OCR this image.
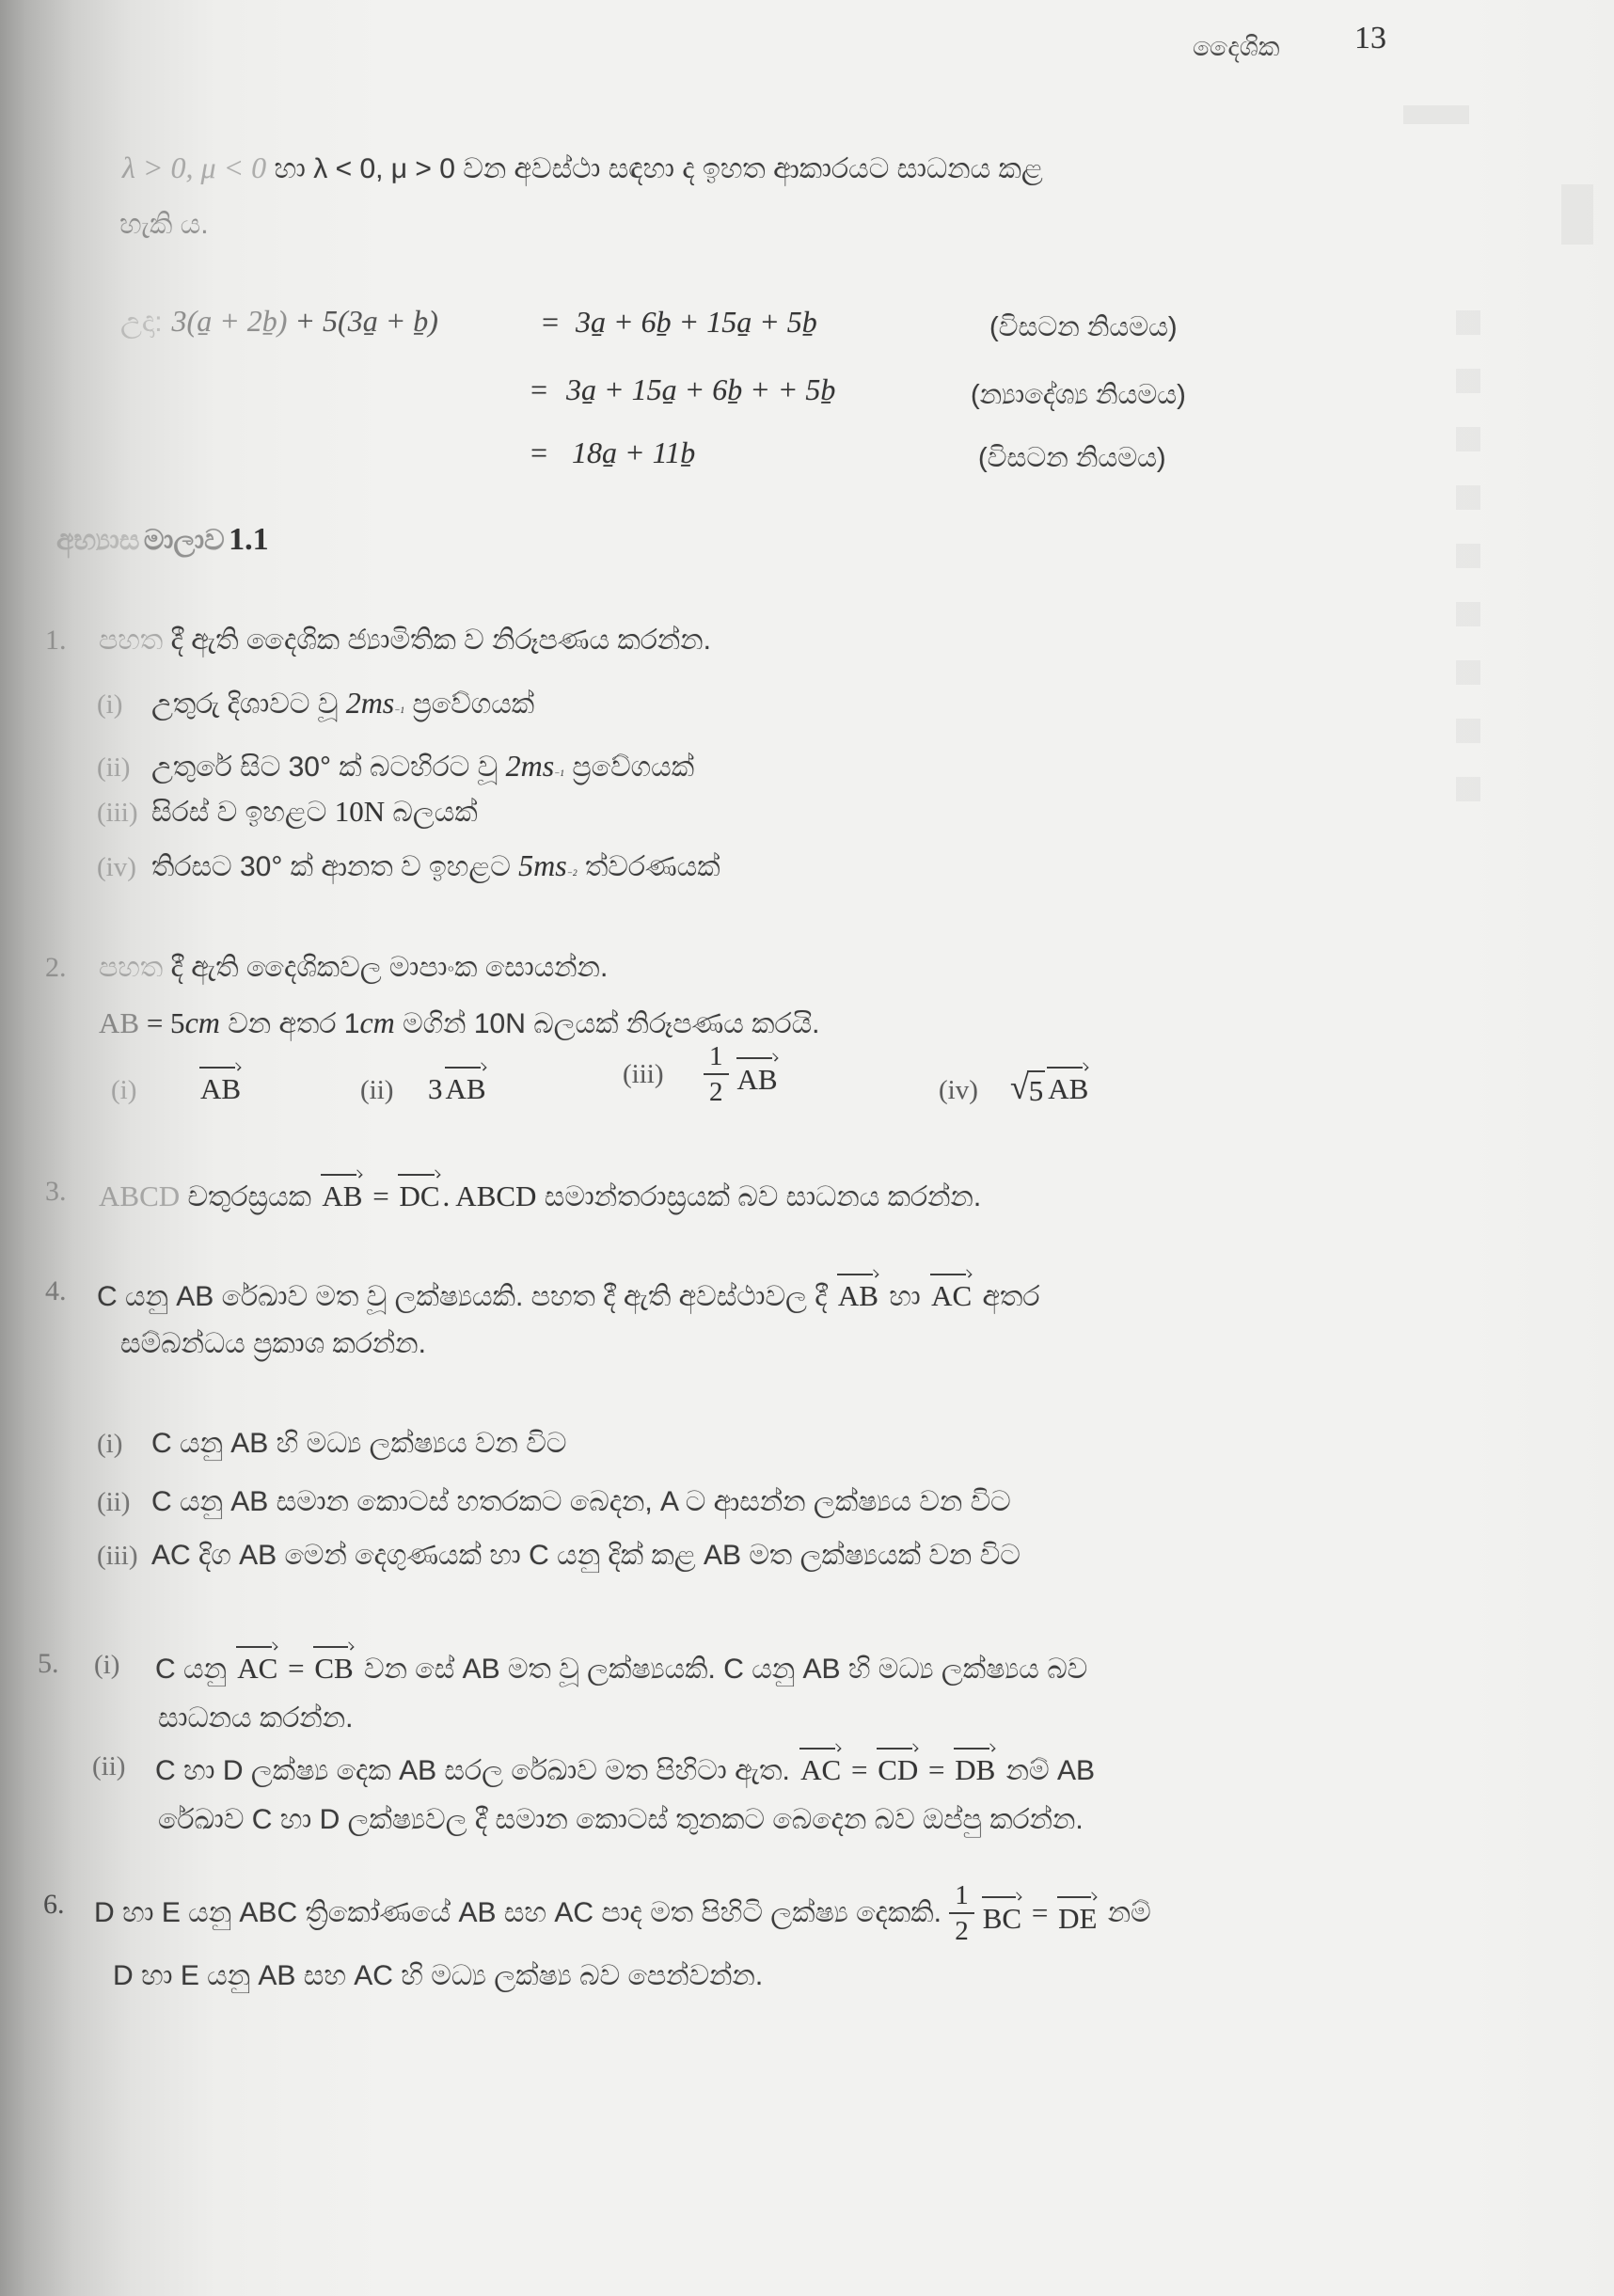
දෛශික 13
λ > 0, μ < 0 හා λ < 0, μ > 0 වන අවස්ථා සඳහා ද ඉහත ආකාරයට සාධනය කළ
හැකි ය.
උදා: 3(a̱ + 2ḇ) + 5(3a̱ + ḇ)	= 3a̱ + 6ḇ + 15a̱ + 5ḇ	(විසටන නියමය)
= 3a̱ + 15a̱ + 6ḇ + + 5ḇ	(න්‍යාදේශ්‍ය නියමය)
= 18a̱ + 11ḇ	(විසටන නියමය)
අභ්‍යාස
මාලාව
1.1
1. පහත දී ඇති දෛශික ජ්‍යාමිතික ව නිරූපණය කරන්න.
(i)	උතුරු දිශාවට වූ $2ms_{-1}$ ප්‍රවේගයක්
(ii) උතුරේ සිට 30° ක් බටහිරට වූ $2ms_{-1}$ ප්‍රවේගයක්
(iii) සිරස් ව ඉහළට 10N බලයක්
(iv) තිරසට 30° ක් ආනත ව ඉහළට $5ms_{-2}$ ත්වරණයක්
2. පහත දී ඇති දෛශිකවල මාපාංක සොයන්න.
AB = 5 cm වන අතර 1 cm මගින් 10N බලයක් නිරූපණය කරයි.
(i)	AB	(ii)	3 AB	(iii)	$\frac{1}{2}$ AB	(iv) √ 5 AB
3. ABCD චතුරස්‍රයක AB = DC . ABCD සමාන්තරාස්‍රයක් බව සාධනය කරන්න.
4. C යනු AB රේඛාව මත වූ ලක්ෂ්‍යයකි. පහත දී ඇති අවස්ථාවල දී AB හා AC අතර
සම්බන්ධය ප්‍රකාශ කරන්න.
(i)	C යනු AB හි මධ්‍ය ලක්ෂ්‍යය වන විට
(ii) C යනු AB සමාන කොටස් හතරකට බෙදන, A ට ආසන්න ලක්ෂ්‍යය වන විට
(iii) AC දිග AB මෙන් දෙගුණයක් හා C යනු දික් කළ AB මත ලක්ෂ්‍යයක් වන විට
5. (i)	C යනු AC = CB වන සේ AB මත වූ ලක්ෂ්‍යයකි. C යනු AB හි මධ්‍ය ලක්ෂ්‍යය බව
සාධනය කරන්න.
(ii)	C හා D ලක්ෂ්‍ය දෙක AB සරල රේඛාව මත පිහිටා ඇත. AC = CD = DB නම් AB
රේඛාව C හා D ලක්ෂ්‍යවල දී සමාන කොටස් තුනකට බෙදෙන බව ඔප්පු කරන්න.
6. D හා E යනු ABC ත්‍රිකෝණයේ AB සහ AC පාද මත පිහිටි ලක්ෂ්‍ය දෙකකි. $\frac{1}{2}$ BC = DE නම්
D හා E යනු AB සහ AC හි මධ්‍ය ලක්ෂ්‍ය බව පෙන්වන්න.
